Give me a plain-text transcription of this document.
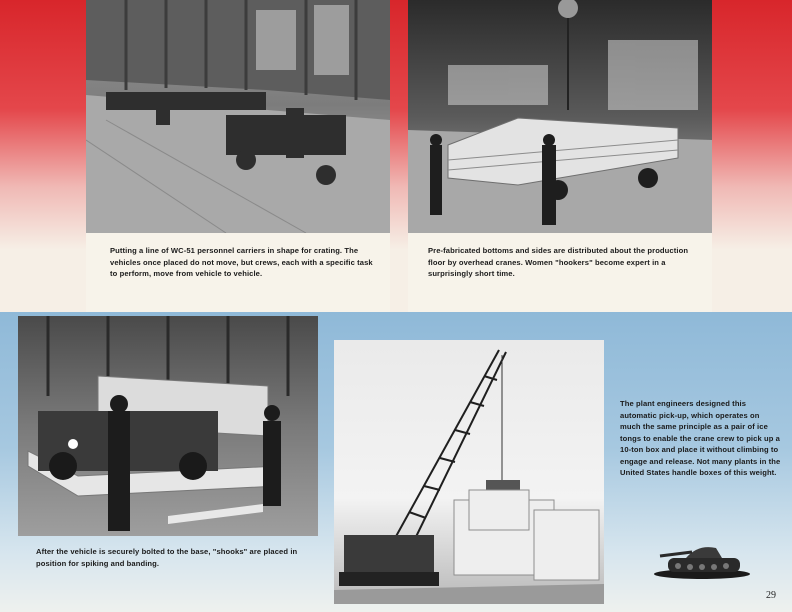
Putting a line of WC-51 personnel carriers in shape for crating. The vehicles once placed do not move, but crews, each with a specific task to perform, move from vehicle to vehicle.
Pre-fabricated bottoms and sides are distributed about the production floor by overhead cranes. Women "hookers" become expert in a surprisingly short time.
After the vehicle is securely bolted to the base, "shooks" are placed in position for spiking and banding.
The plant engineers designed this automatic pick-up, which operates on much the same principle as a pair of ice tongs to enable the crane crew to pick up a 10-ton box and place it without climbing to engage and release. Not many plants in the United States handle boxes of this weight.
29
